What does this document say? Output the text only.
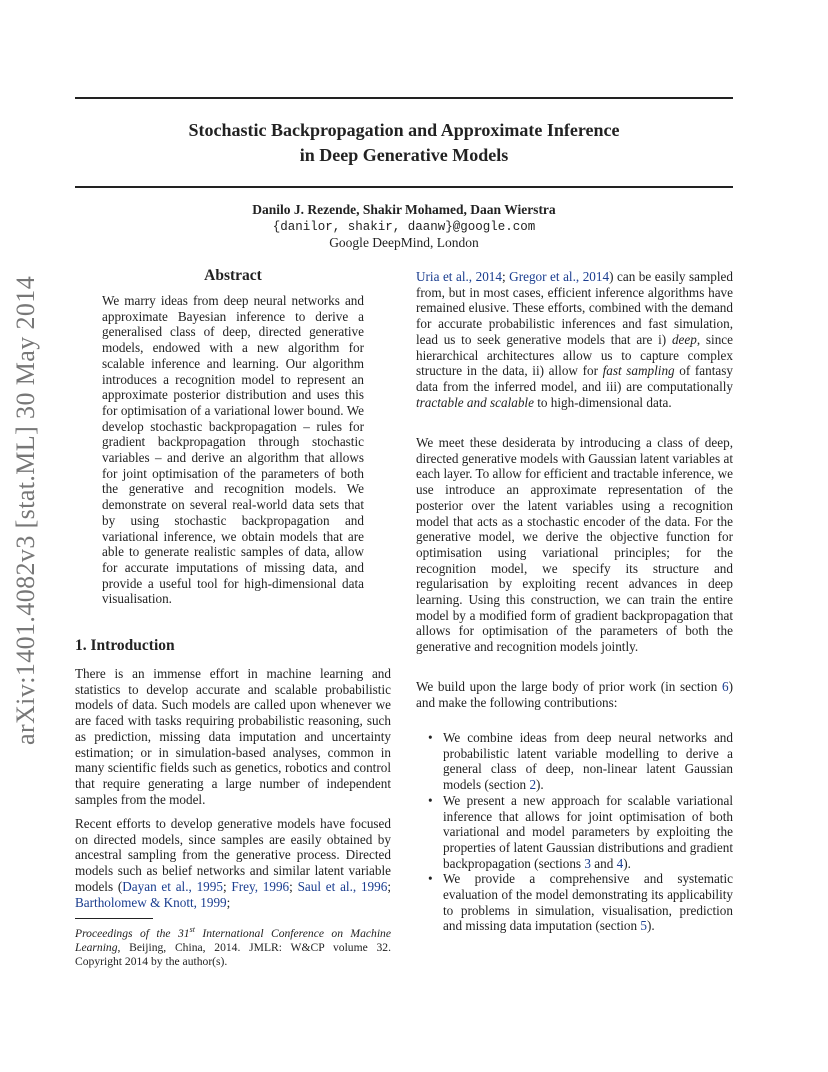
Stochastic Backpropagation and Approximate Inference
in Deep Generative Models
Danilo J. Rezende, Shakir Mohamed, Daan Wierstra
{danilor, shakir, daanw}@google.com
Google DeepMind, London
arXiv:1401.4082v3 [stat.ML] 30 May 2014
Abstract

We marry ideas from deep neural networks and approximate Bayesian inference to derive a generalised class of deep, directed generative models, endowed with a new algorithm for scalable inference and learning. Our algorithm introduces a recognition model to represent an approximate posterior distribution and uses this for optimisation of a variational lower bound. We develop stochastic backpropagation – rules for gradient backpropagation through stochastic variables – and derive an algorithm that allows for joint optimisation of the parameters of both the generative and recognition models. We demonstrate on several real-world data sets that by using stochastic backpropagation and variational inference, we obtain models that are able to generate realistic samples of data, allow for accurate imputations of missing data, and provide a useful tool for high-dimensional data visualisation.

1. Introduction

There is an immense effort in machine learning and statistics to develop accurate and scalable probabilistic models of data. Such models are called upon whenever we are faced with tasks requiring probabilistic reasoning, such as prediction, missing data imputation and uncertainty estimation; or in simulation-based analyses, common in many scientific fields such as genetics, robotics and control that require generating a large number of independent samples from the model.

Recent efforts to develop generative models have focused on directed models, since samples are easily obtained by ancestral sampling from the generative process. Directed models such as belief networks and similar latent variable models (Dayan et al., 1995; Frey, 1996; Saul et al., 1996; Bartholomew & Knott, 1999;

Proceedings of the 31st International Conference on Machine Learning, Beijing, China, 2014. JMLR: W&CP volume 32. Copyright 2014 by the author(s).

Uria et al., 2014; Gregor et al., 2014) can be easily sampled from, but in most cases, efficient inference algorithms have remained elusive. These efforts, combined with the demand for accurate probabilistic inferences and fast simulation, lead us to seek generative models that are i) deep, since hierarchical architectures allow us to capture complex structure in the data, ii) allow for fast sampling of fantasy data from the inferred model, and iii) are computationally tractable and scalable to high-dimensional data.

We meet these desiderata by introducing a class of deep, directed generative models with Gaussian latent variables at each layer. To allow for efficient and tractable inference, we use introduce an approximate representation of the posterior over the latent variables using a recognition model that acts as a stochastic encoder of the data. For the generative model, we derive the objective function for optimisation using variational principles; for the recognition model, we specify its structure and regularisation by exploiting recent advances in deep learning. Using this construction, we can train the entire model by a modified form of gradient backpropagation that allows for optimisation of the parameters of both the generative and recognition models jointly.

We build upon the large body of prior work (in section 6) and make the following contributions:

• We combine ideas from deep neural networks and probabilistic latent variable modelling to derive a general class of deep, non-linear latent Gaussian models (section 2).
• We present a new approach for scalable variational inference that allows for joint optimisation of both variational and model parameters by exploiting the properties of latent Gaussian distributions and gradient backpropagation (sections 3 and 4).
• We provide a comprehensive and systematic evaluation of the model demonstrating its applicability to problems in simulation, visualisation, prediction and missing data imputation (section 5).
